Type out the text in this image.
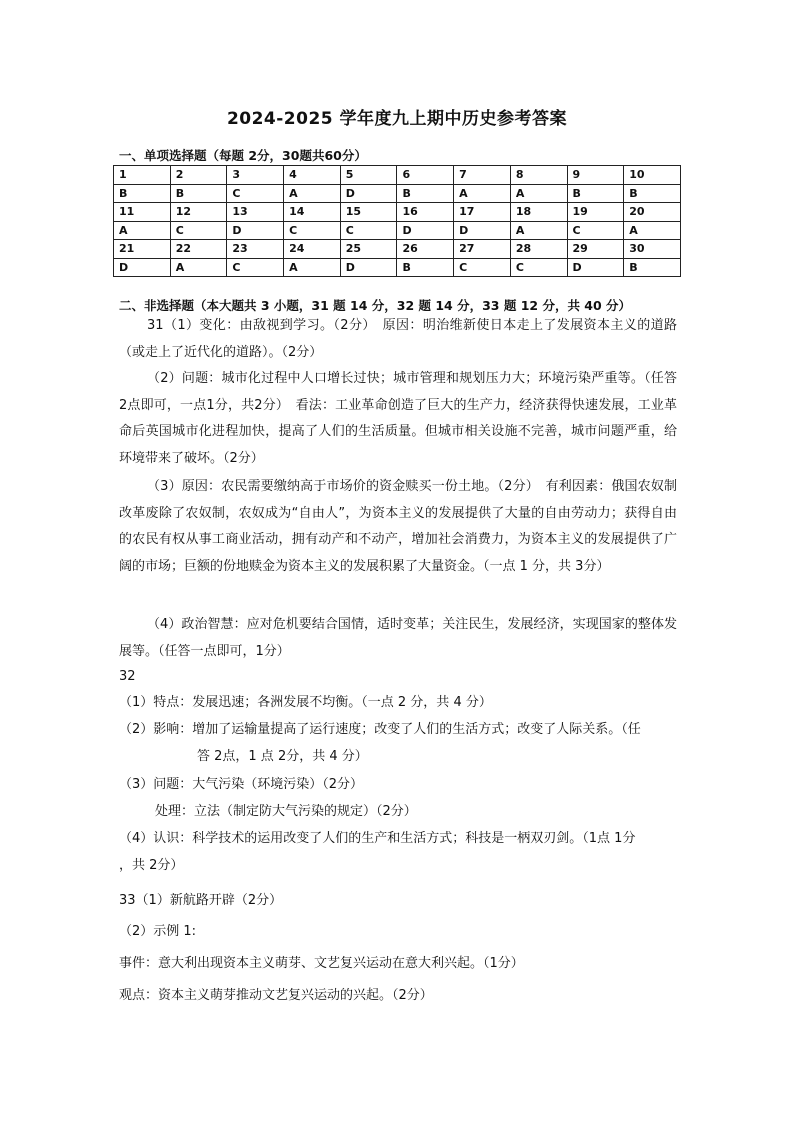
2024-2025 学年度九上期中历史参考答案
一、单项选择题（每题 2分，30题共60分）
1	2	3	4	5	6	7	8	9	10
B	B	C	A	D	B	A	A	B	B
11	12	13	14	15	16	17	18	19	20
A	C	D	C	C	D	D	A	C	A
21	22	23	24	25	26	27	28	29	30
D	A	C	A	D	B	C	C	D	B
二、非选择题（本大题共 3 小题，31 题 14 分，32 题 14 分，33 题 12 分，共 40 分）
31（1）变化：由敌视到学习。（2分）　原因：明治维新使日本走上了发展资本主义的道路（或走上了近代化的道路）。（2分）
（2）问题：城市化过程中人口增长过快；城市管理和规划压力大；环境污染严重等。（任答2点即可，一点1分，共2分）　看法：工业革命创造了巨大的生产力，经济获得快速发展，工业革命后英国城市化进程加快，提高了人们的生活质量。但城市相关设施不完善，城市问题严重，给环境带来了破坏。（2分）
（3）原因：农民需要缴纳高于市场价的资金赎买一份土地。（2分）　有利因素：俄国农奴制改革废除了农奴制，农奴成为“自由人”，为资本主义的发展提供了大量的自由劳动力；获得自由的农民有权从事工商业活动，拥有动产和不动产，增加社会消费力，为资本主义的发展提供了广阔的市场；巨额的份地赎金为资本主义的发展积累了大量资金。（一点 1 分，共 3分）
（4）政治智慧：应对危机要结合国情，适时变革；关注民生，发展经济，实现国家的整体发展等。（任答一点即可，1分）
32
（1）特点：发展迅速；各洲发展不均衡。（一点 2 分，共 4 分）
（2）影响：增加了运输量提高了运行速度；改变了人们的生活方式；改变了人际关系。（任
答 2点，1 点 2分，共 4 分）
（3）问题：大气污染（环境污染）（2分）
处理：立法（制定防大气污染的规定）（2分）
（4）认识：科学技术的运用改变了人们的生产和生活方式；科技是一柄双刃剑。（1点 1分
，共 2分）
33（1）新航路开辟（2分）
（2）示例 1:
事件：意大利出现资本主义萌芽、文艺复兴运动在意大利兴起。（1分）
观点：资本主义萌芽推动文艺复兴运动的兴起。（2分）
